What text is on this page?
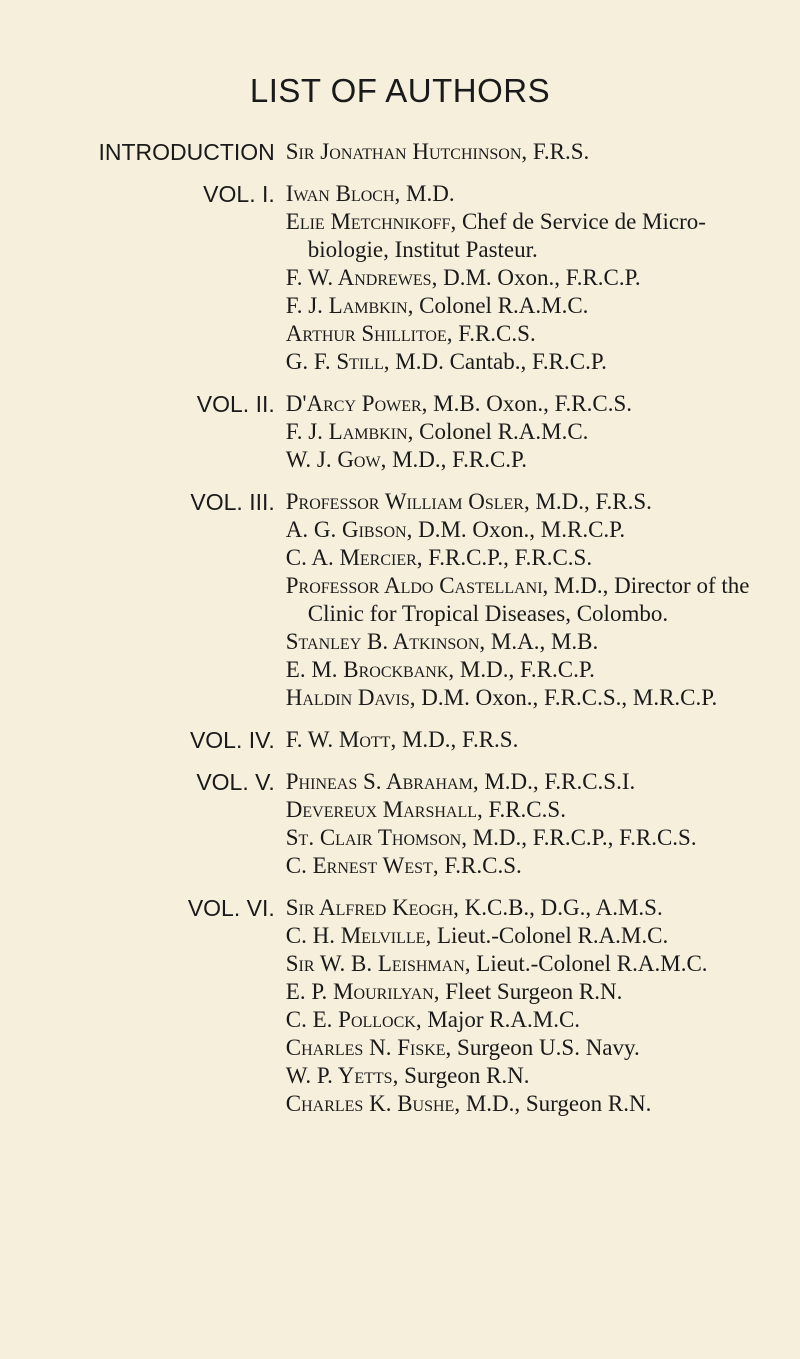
LIST OF AUTHORS
INTRODUCTION Sir Jonathan Hutchinson, F.R.S.
VOL. I. Iwan Bloch, M.D.
Elie Metchnikoff, Chef de Service de Micro-biologie, Institut Pasteur.
F. W. Andrewes, D.M. Oxon., F.R.C.P.
F. J. Lambkin, Colonel R.A.M.C.
Arthur Shillitoe, F.R.C.S.
G. F. Still, M.D. Cantab., F.R.C.P.
VOL. II. D'Arcy Power, M.B. Oxon., F.R.C.S.
F. J. Lambkin, Colonel R.A.M.C.
W. J. Gow, M.D., F.R.C.P.
VOL. III. Professor William Osler, M.D., F.R.S.
A. G. Gibson, D.M. Oxon., M.R.C.P.
C. A. Mercier, F.R.C.P., F.R.C.S.
Professor Aldo Castellani, M.D., Director of the Clinic for Tropical Diseases, Colombo.
Stanley B. Atkinson, M.A., M.B.
E. M. Brockbank, M.D., F.R.C.P.
Haldin Davis, D.M. Oxon., F.R.C.S., M.R.C.P.
VOL. IV. F. W. Mott, M.D., F.R.S.
VOL. V. Phineas S. Abraham, M.D., F.R.C.S.I.
Devereux Marshall, F.R.C.S.
St. Clair Thomson, M.D., F.R.C.P., F.R.C.S.
C. Ernest West, F.R.C.S.
VOL. VI. Sir Alfred Keogh, K.C.B., D.G., A.M.S.
C. H. Melville, Lieut.-Colonel R.A.M.C.
Sir W. B. Leishman, Lieut.-Colonel R.A.M.C.
E. P. Mourilyan, Fleet Surgeon R.N.
C. E. Pollock, Major R.A.M.C.
Charles N. Fiske, Surgeon U.S. Navy.
W. P. Yetts, Surgeon R.N.
Charles K. Bushe, M.D., Surgeon R.N.
